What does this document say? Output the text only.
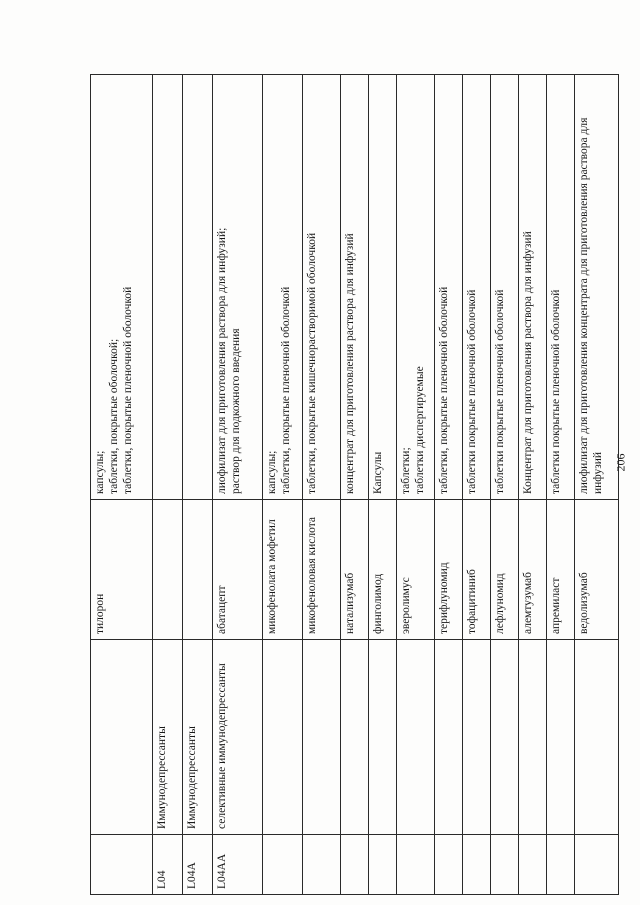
		тилорон	капсулы;
таблетки, покрытые оболочкой;
таблетки, покрытые пленочной оболочкой
L04	Иммунодепрессанты		
L04A	Иммунодепрессанты		
L04AA	селективные иммунодепрессанты	абатацепт	лиофилизат для приготовления раствора для инфузий;
раствор для подкожного введения
		микофенолата мофетил	капсулы;
таблетки, покрытые пленочной оболочкой
		микофеноловая кислота	таблетки, покрытые кишечнорастворимой оболочкой
		натализумаб	концентрат для приготовления раствора для инфузий
		финголимод	Капсулы
		эверолимус	таблетки;
таблетки диспергируемые
		терифлуномид	таблетки, покрытые пленочной оболочкой
		тофацитиниб	таблетки покрытые пленочной оболочкой
		лефлуномид	таблетки покрытые пленочной оболочкой
		алемтузумаб	Концентрат для приготовления раствора для инфузий
		апремиласт	таблетки покрытые пленочной оболочкой
		ведолизумаб	лиофилизат для приготовления концентрата для приготовления раствора для инфузий 206
